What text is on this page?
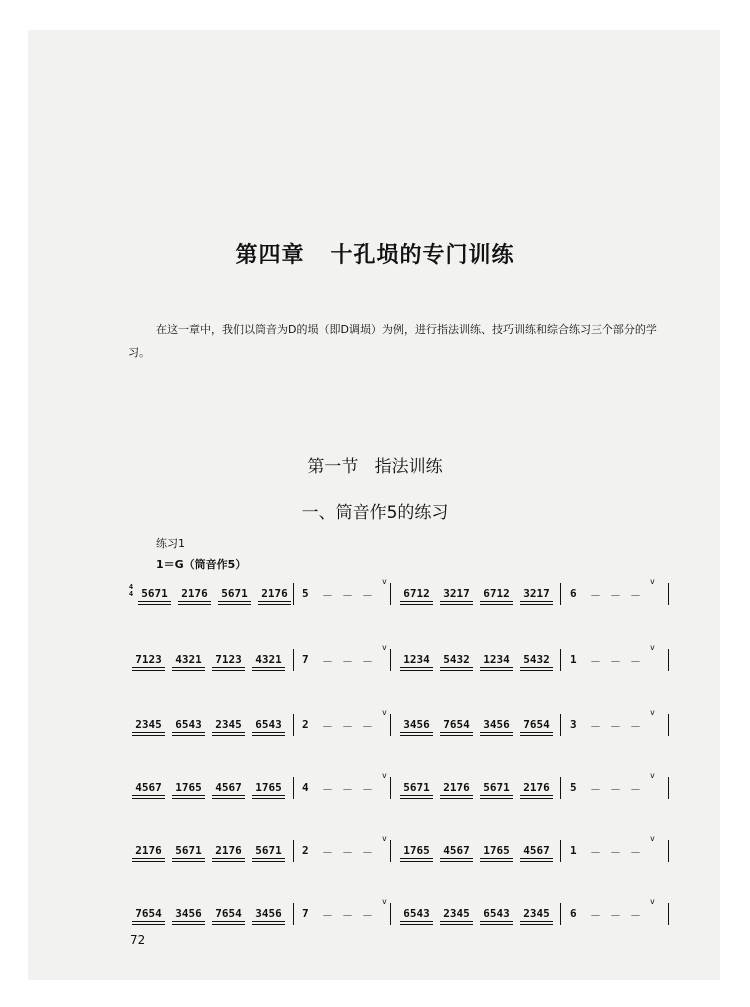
第四章   十孔埙的专门训练
在这一章中，我们以筒音为D的埙（即D调埙）为例，进行指法训练、技巧训练和综合练习三个部分的学习。
第一节   指法训练
一、筒音作5的练习
练习1
1＝G（筒音作5）
4
4 5671 2176 5671 2176 5 － － －
v
6712 3217 6712 3217 6 － － －
v
7123 4321 7123 4321 7 － － －
v
1234 5432 1234 5432 1 － － －
v
2345 6543 2345 6543 2 － － －
v
3456 7654 3456 7654 3 － － －
v
4567 1765 4567 1765 4 － － －
v
5671 2176 5671 2176 5 － － －
v
2176 5671 2176 5671 2 － － －
v
1765 4567 1765 4567 1 － － －
v
7654 3456 7654 3456 7 － － －
v
6543 2345 6543 2345 6 － － －
v
72
